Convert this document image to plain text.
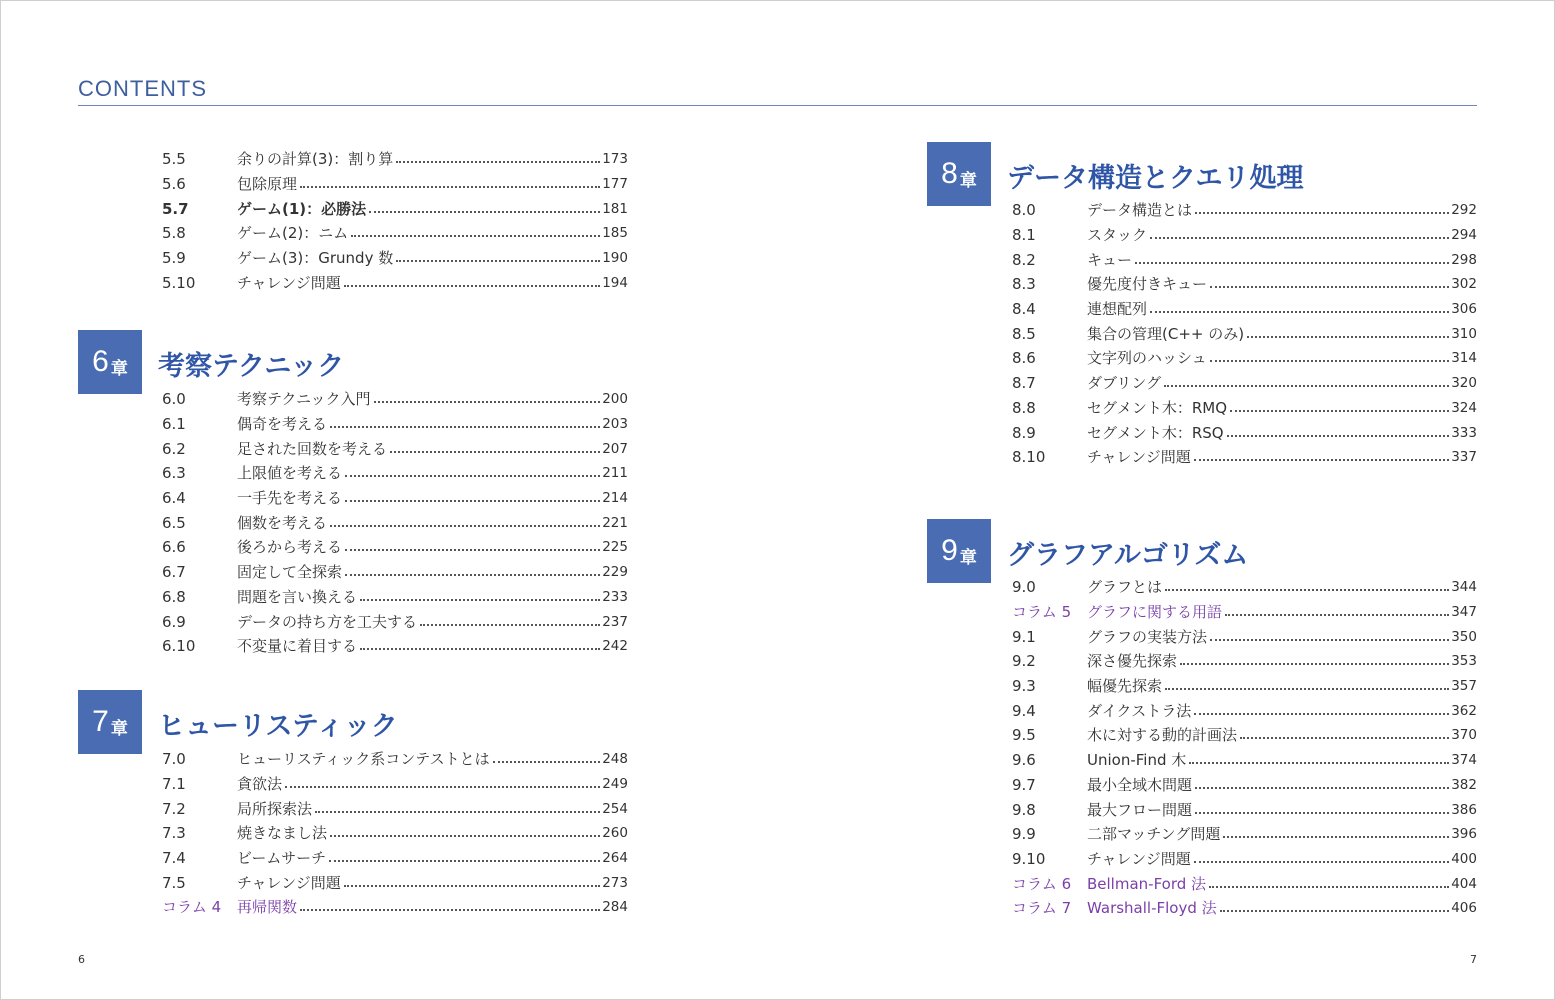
CONTENTS
5.5	余りの計算(3)：割り算	173
5.6	包除原理	177
5.7	ゲーム(1)：必勝法	181
5.8	ゲーム(2)：ニム	185
5.9	ゲーム(3)：Grundy 数	190
5.10	チャレンジ問題	194
6 章 考察テクニック
6.0	考察テクニック入門	200
6.1	偶奇を考える	203
6.2	足された回数を考える	207
6.3	上限値を考える	211
6.4	一手先を考える	214
6.5	個数を考える	221
6.6	後ろから考える	225
6.7	固定して全探索	229
6.8	問題を言い換える	233
6.9	データの持ち方を工夫する	237
6.10	不変量に着目する	242
7 章 ヒューリスティック
7.0	ヒューリスティック系コンテストとは	248
7.1	貪欲法	249
7.2	局所探索法	254
7.3	焼きなまし法	260
7.4	ビームサーチ	264
7.5	チャレンジ問題	273
コラム 4	再帰関数	284
6
8 章 データ構造とクエリ処理
8.0	データ構造とは	292
8.1	スタック	294
8.2	キュー	298
8.3	優先度付きキュー	302
8.4	連想配列	306
8.5	集合の管理(C++ のみ)	310
8.6	文字列のハッシュ	314
8.7	ダブリング	320
8.8	セグメント木：RMQ	324
8.9	セグメント木：RSQ	333
8.10	チャレンジ問題	337
9 章 グラフアルゴリズム
9.0	グラフとは	344
コラム 5	グラフに関する用語	347
9.1	グラフの実装方法	350
9.2	深さ優先探索	353
9.3	幅優先探索	357
9.4	ダイクストラ法	362
9.5	木に対する動的計画法	370
9.6	Union-Find 木	374
9.7	最小全域木問題	382
9.8	最大フロー問題	386
9.9	二部マッチング問題	396
9.10	チャレンジ問題	400
コラム 6	Bellman-Ford 法	404
コラム 7	Warshall-Floyd 法	406
7
